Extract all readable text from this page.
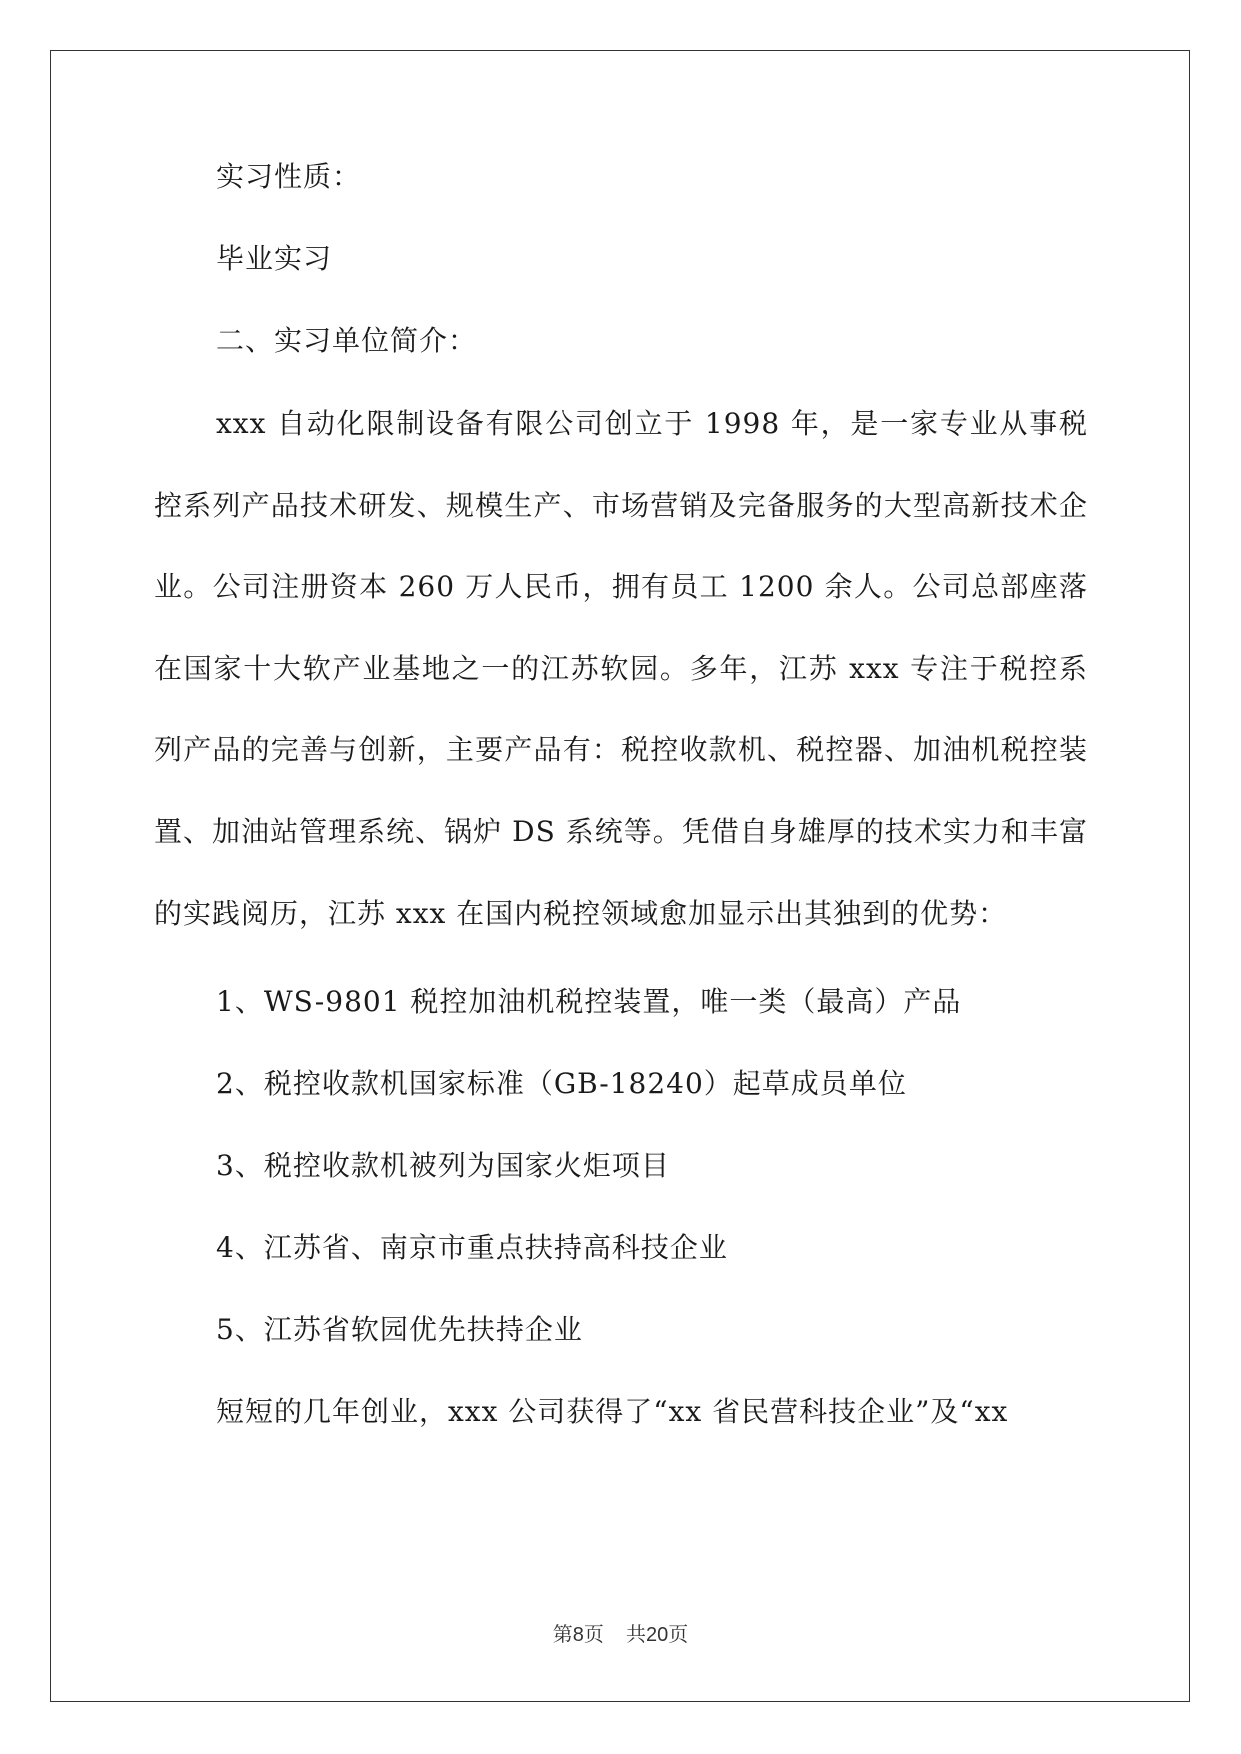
实习性质：
毕业实习
二、实习单位简介：

xxx 自动化限制设备有限公司创立于 1998 年，是一家专业从事税控系列产品技术研发、规模生产、市场营销及完备服务的大型高新技术企业。公司注册资本 260 万人民币，拥有员工 1200 余人。公司总部座落在国家十大软产业基地之一的江苏软园。多年，江苏 xxx 专注于税控系列产品的完善与创新，主要产品有：税控收款机、税控器、加油机税控装置、加油站管理系统、锅炉 DS 系统等。凭借自身雄厚的技术实力和丰富的实践阅历，江苏 xxx 在国内税控领域愈加显示出其独到的优势：

1、WS-9801 税控加油机税控装置，唯一类（最高）产品
2、税控收款机国家标准（GB-18240）起草成员单位
3、税控收款机被列为国家火炬项目
4、江苏省、南京市重点扶持高科技企业
5、江苏省软园优先扶持企业
短短的几年创业，xxx 公司获得了“xx 省民营科技企业”及“xx
第8页 共20页
